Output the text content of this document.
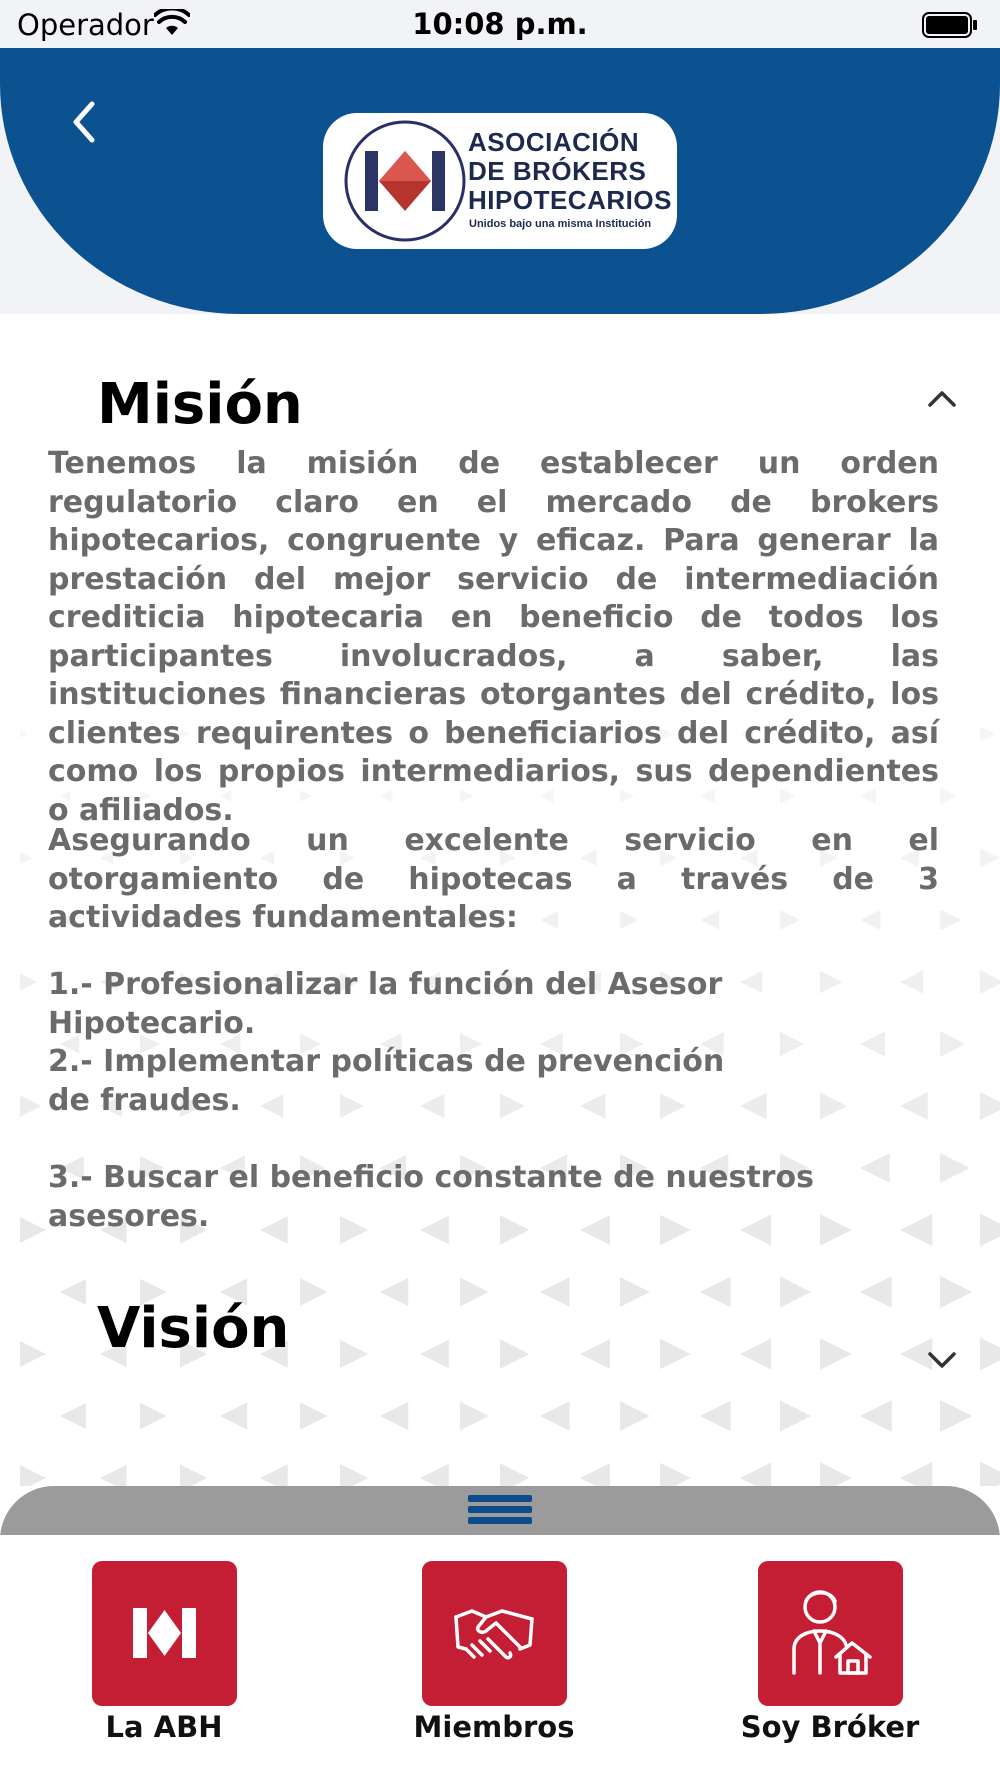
Operador	10:08 p.m.
ASOCIACIÓN
DE BRÓKERS
HIPOTECARIOS
Unidos bajo una misma Institución
Misión
Tenemos la misión de establecer un orden regulatorio claro en el mercado de brokers hipotecarios, congruente y eficaz. Para generar la prestación del mejor servicio de intermediación crediticia hipotecaria en beneficio de todos los participantes involucrados, a saber, las instituciones financieras otorgantes del crédito, los clientes requirentes o beneficiarios del crédito, así como los propios intermediarios, sus dependientes o afiliados.
Asegurando un excelente servicio en el otorgamiento de hipotecas a través de 3 actividades fundamentales:
1.- Profesionalizar la función del Asesor Hipotecario.
2.- Implementar políticas de prevención de fraudes.
3.- Buscar el beneficio constante de nuestros asesores.
Visión
La ABH	Miembros	Soy Bróker
